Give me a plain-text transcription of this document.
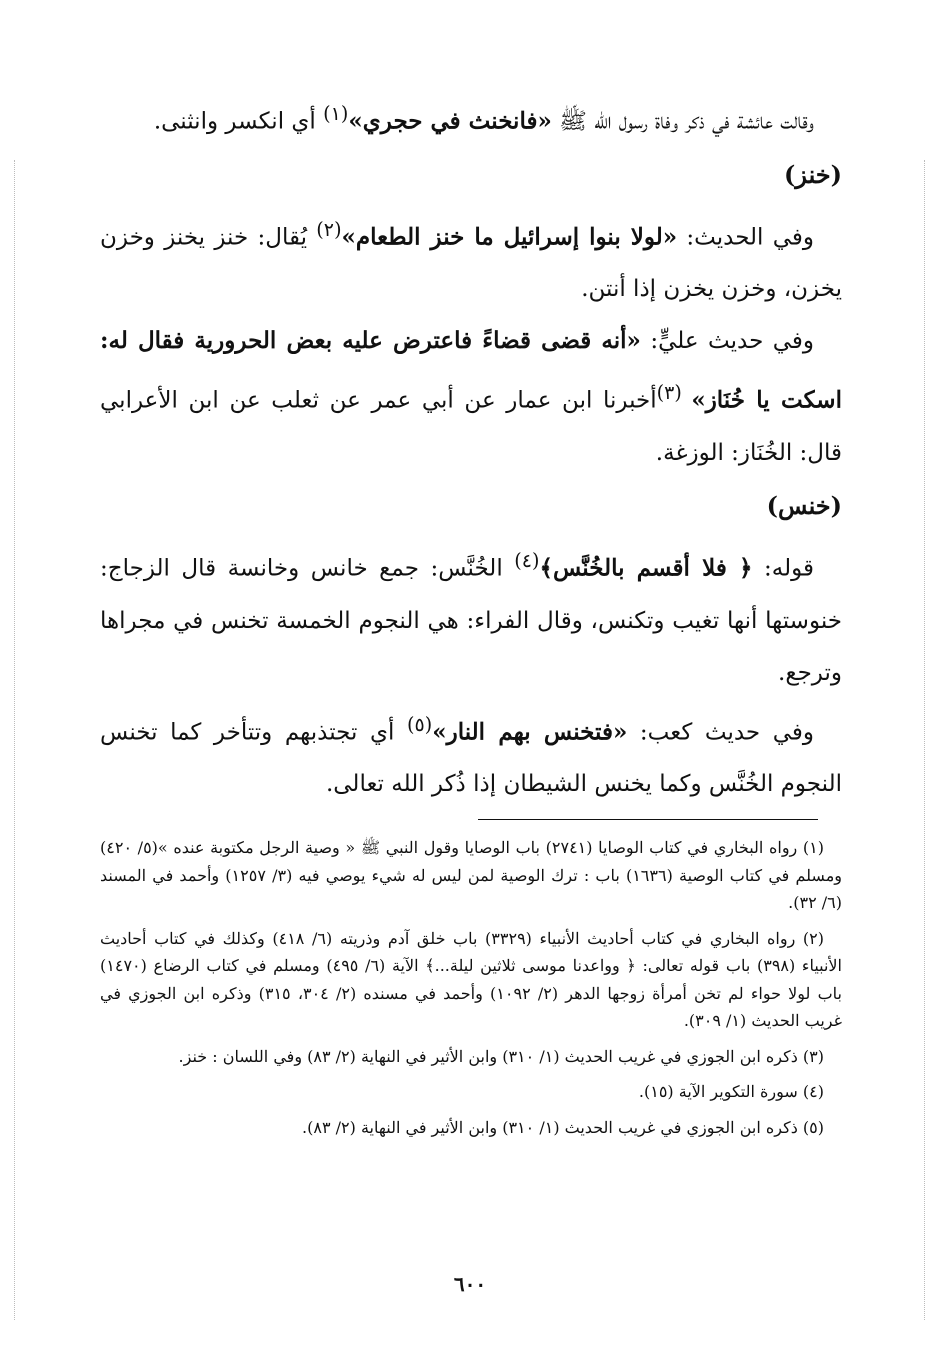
وقالت عائشة في ذكر وفاة رسول الله ﷺ «فانخنث في حجري»$^{(١)}$ أي انكسر وانثنى.

(خنز)

وفي الحديث: «لولا بنوا إسرائيل ما خنز الطعام»$^{(٢)}$ يُقال: خنز يخنز وخزن يخزن، وخزن يخزن إذا أنتن.

وفي حديث عليٍّ: «أنه قضى قضاءً فاعترض عليه بعض الحرورية فقال له: اسكت يا خُنَاز» $^{(٣)}$أخبرنا ابن عمار عن أبي عمر عن ثعلب عن ابن الأعرابي قال: الخُنَاز: الوزغة.

(خنس)

قوله: ﴿ فلا أقسم بالخُنَّس﴾$^{(٤)}$ الخُنَّس: جمع خانس وخانسة قال الزجاج: خنوستها أنها تغيب وتكنس، وقال الفراء: هي النجوم الخمسة تخنس في مجراها وترجع.

وفي حديث كعب: «فتخنس بهم النار»$^{(٥)}$ أي تجتذبهم وتتأخر كما تخنس النجوم الخُنَّس وكما يخنس الشيطان إذا ذُكر الله تعالى.

(١) رواه البخاري في كتاب الوصايا (٢٧٤١) باب الوصايا وقول النبي ﷺ « وصية الرجل مكتوبة عنده »(٥/ ٤٢٠) ومسلم في كتاب الوصية (١٦٣٦) باب : ترك الوصية لمن ليس له شيء يوصي فيه (٣/ ١٢٥٧) وأحمد في المسند (٦/ ٣٢).

(٢) رواه البخاري في كتاب أحاديث الأنبياء (٣٣٢٩) باب خلق آدم وذريته (٦/ ٤١٨) وكذلك في كتاب أحاديث الأنبياء (٣٩٨) باب قوله تعالى: ﴿ وواعدنا موسى ثلاثين ليلة...﴾ الآية (٦/ ٤٩٥) ومسلم في كتاب الرضاع (١٤٧٠) باب لولا حواء لم تخن أمرأة زوجها الدهر (٢/ ١٠٩٢) وأحمد في مسنده (٢/ ٣٠٤، ٣١٥) وذكره ابن الجوزي في غريب الحديث (١/ ٣٠٩).

(٣) ذكره ابن الجوزي في غريب الحديث (١/ ٣١٠) وابن الأثير في النهاية (٢/ ٨٣) وفي اللسان : خنز.

(٤) سورة التكوير الآية (١٥).

(٥) ذكره ابن الجوزي في غريب الحديث (١/ ٣١٠) وابن الأثير في النهاية (٢/ ٨٣).

٦٠٠
